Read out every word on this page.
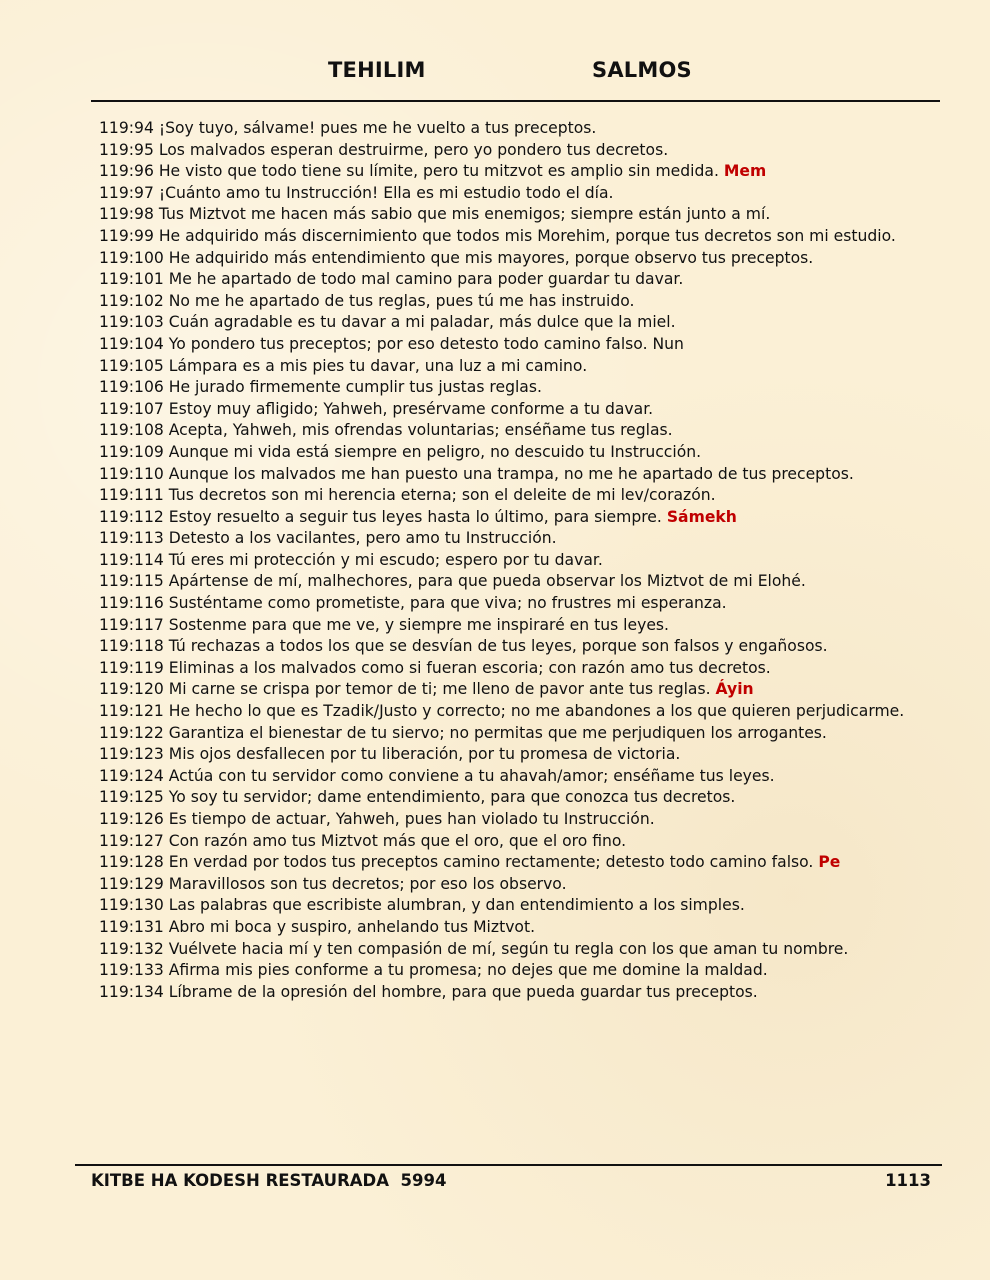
TEHILIM	SALMOS

119:94 ¡Soy tuyo, sálvame! pues me he vuelto a tus preceptos.

119:95 Los malvados esperan destruirme, pero yo pondero tus decretos.

119:96 He visto que todo tiene su límite, pero tu mitzvot es amplio sin medida. Mem

119:97 ¡Cuánto amo tu Instrucción! Ella es mi estudio todo el día.

119:98 Tus Miztvot me hacen más sabio que mis enemigos; siempre están junto a mí.

119:99 He adquirido más discernimiento que todos mis Morehim, porque tus decretos son mi estudio.

119:100 He adquirido más entendimiento que mis mayores, porque observo tus preceptos.

119:101 Me he apartado de todo mal camino para poder guardar tu davar.

119:102 No me he apartado de tus reglas, pues tú me has instruido.

119:103 Cuán agradable es tu davar a mi paladar, más dulce que la miel.

119:104 Yo pondero tus preceptos; por eso detesto todo camino falso. Nun

119:105 Lámpara es a mis pies tu davar, una luz a mi camino.

119:106 He jurado firmemente cumplir tus justas reglas.

119:107 Estoy muy afligido; Yahweh, presérvame conforme a tu davar.

119:108 Acepta, Yahweh, mis ofrendas voluntarias; enséñame tus reglas.

119:109 Aunque mi vida está siempre en peligro, no descuido tu Instrucción.

119:110 Aunque los malvados me han puesto una trampa, no me he apartado de tus preceptos.

119:111 Tus decretos son mi herencia eterna; son el deleite de mi lev/corazón.

119:112 Estoy resuelto a seguir tus leyes hasta lo último, para siempre. Sámekh

119:113 Detesto a los vacilantes, pero amo tu Instrucción.

119:114 Tú eres mi protección y mi escudo; espero por tu davar.

119:115 Apártense de mí, malhechores, para que pueda observar los Miztvot de mi Elohé.

119:116 Susténtame como prometiste, para que viva; no frustres mi esperanza.

119:117 Sostenme para que me ve, y siempre me inspiraré en tus leyes.

119:118 Tú rechazas a todos los que se desvían de tus leyes, porque son falsos y engañosos.

119:119 Eliminas a los malvados como si fueran escoria; con razón amo tus decretos.

119:120 Mi carne se crispa por temor de ti; me lleno de pavor ante tus reglas. Áyin

119:121 He hecho lo que es Tzadik/Justo y correcto; no me abandones a los que quieren perjudicarme.

119:122 Garantiza el bienestar de tu siervo; no permitas que me perjudiquen los arrogantes.

119:123 Mis ojos desfallecen por tu liberación, por tu promesa de victoria.

119:124 Actúa con tu servidor como conviene a tu ahavah/amor; enséñame tus leyes.

119:125 Yo soy tu servidor; dame entendimiento, para que conozca tus decretos.

119:126 Es tiempo de actuar, Yahweh, pues han violado tu Instrucción.

119:127 Con razón amo tus Miztvot más que el oro, que el oro fino.

119:128 En verdad por todos tus preceptos camino rectamente; detesto todo camino falso. Pe

119:129 Maravillosos son tus decretos; por eso los observo.

119:130 Las palabras que escribiste alumbran, y dan entendimiento a los simples.

119:131 Abro mi boca y suspiro, anhelando tus Miztvot.

119:132 Vuélvete hacia mí y ten compasión de mí, según tu regla con los que aman tu nombre.

119:133 Afirma mis pies conforme a tu promesa; no dejes que me domine la maldad.

119:134 Líbrame de la opresión del hombre, para que pueda guardar tus preceptos.

KITBE HA KODESH RESTAURADA  5994	1113
